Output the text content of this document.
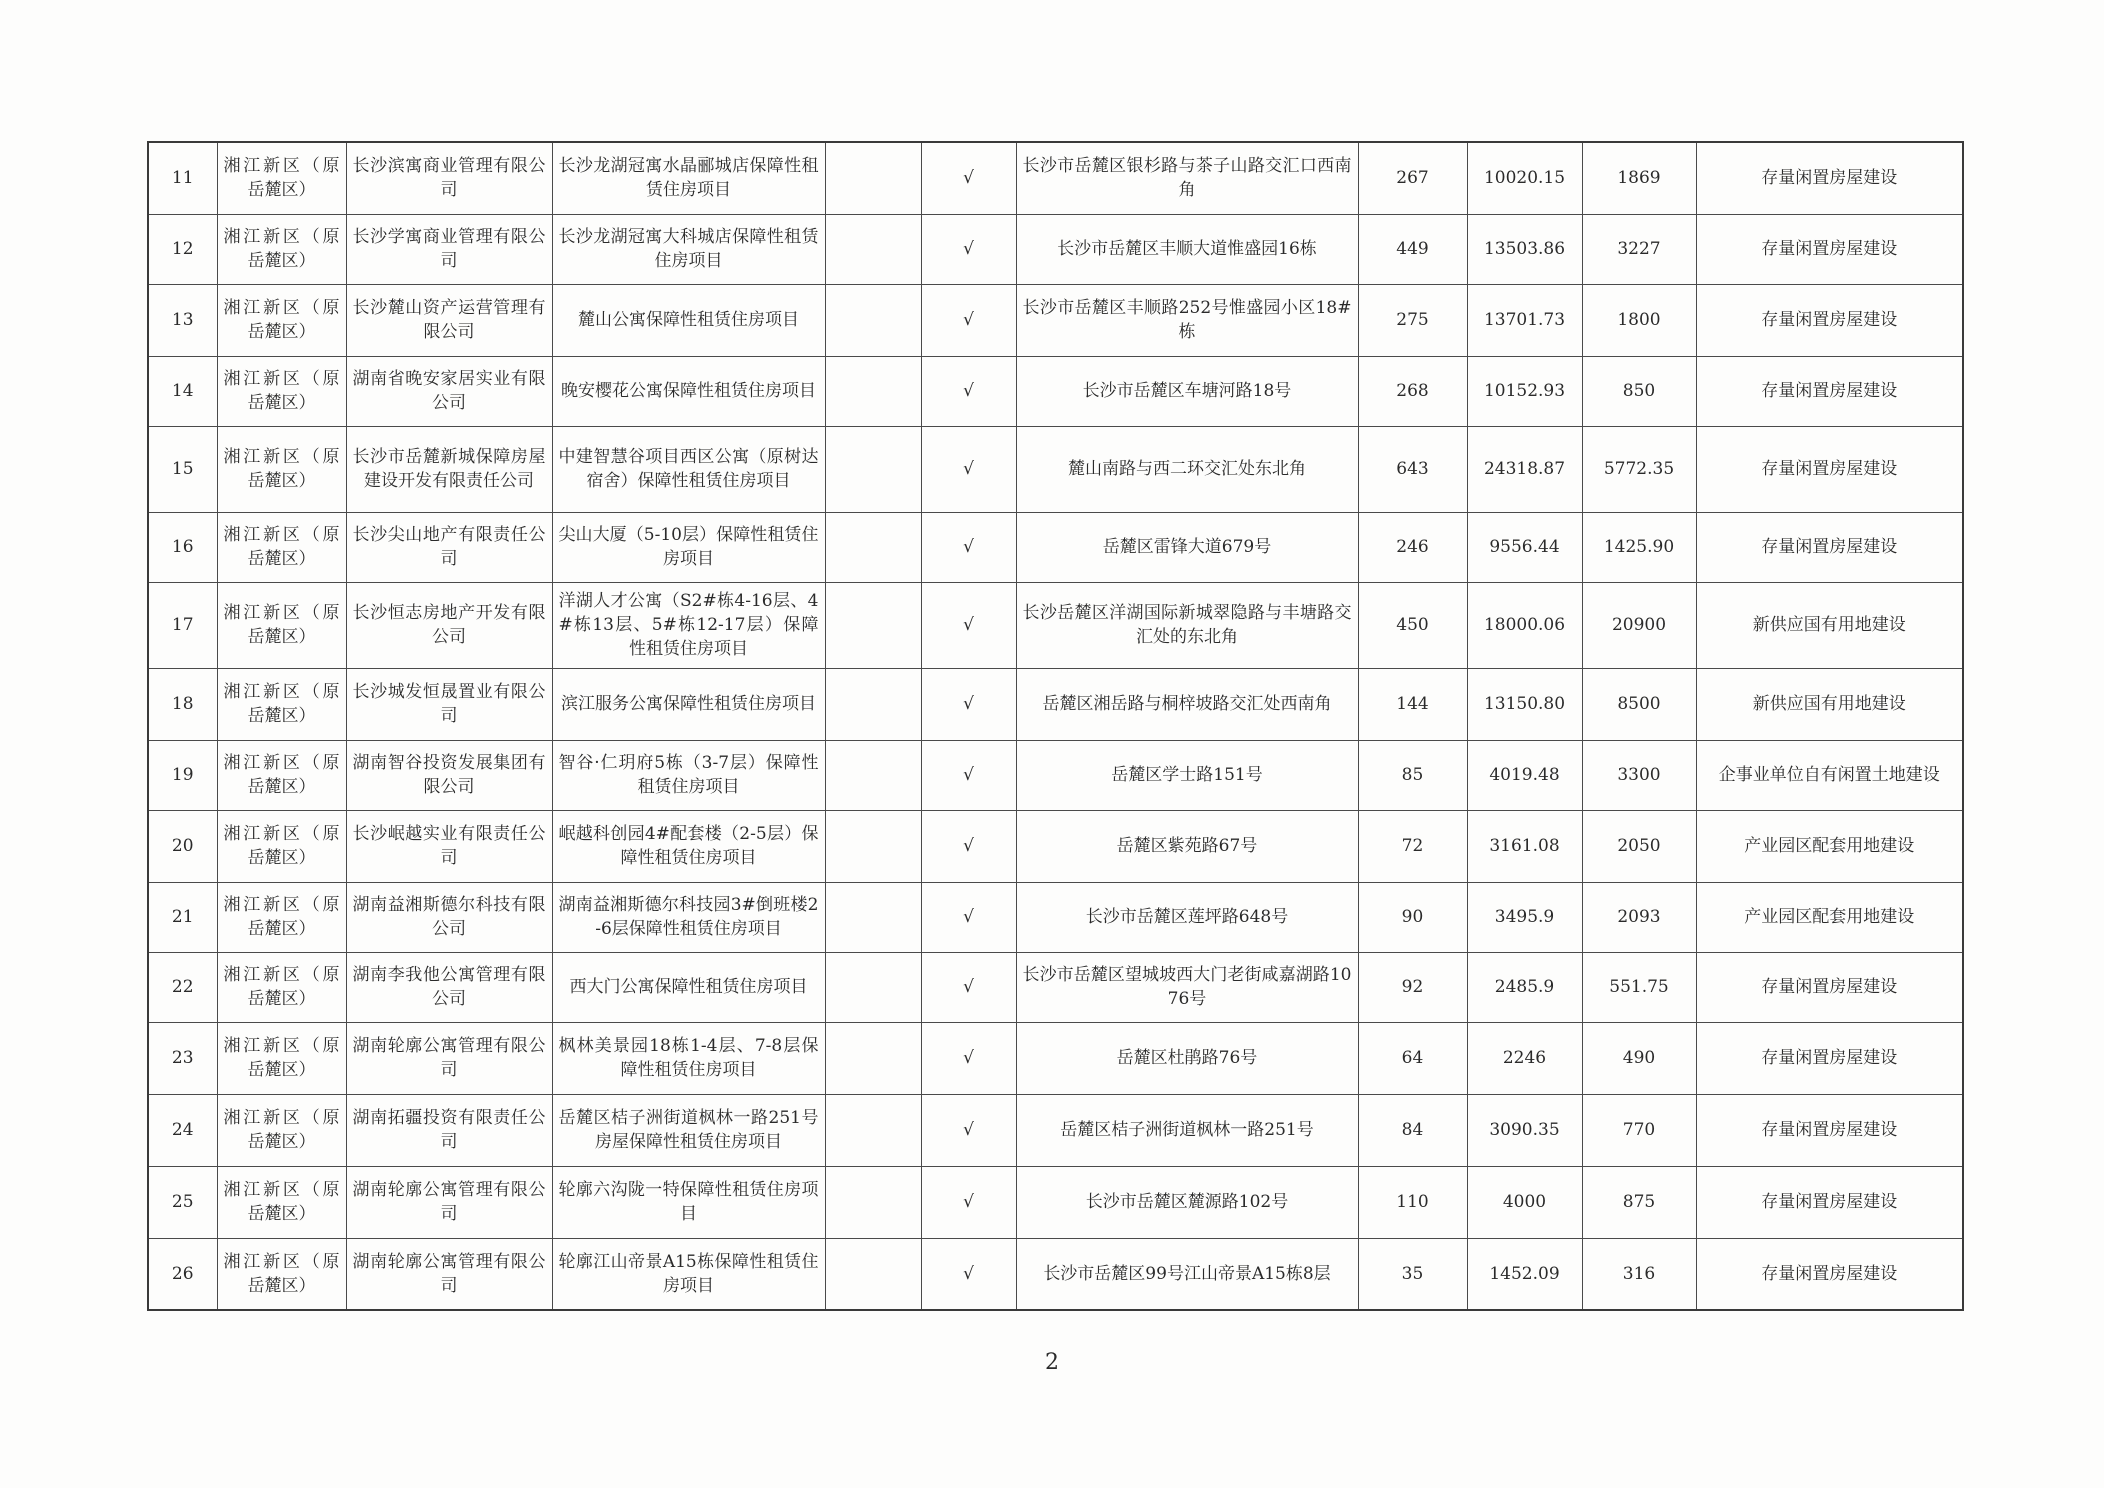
11	湘江新区（原岳麓区）	长沙滨寓商业管理有限公司	长沙龙湖冠寓水晶郦城店保障性租赁住房项目		√	长沙市岳麓区银杉路与茶子山路交汇口西南角	267	10020.15	1869	存量闲置房屋建设
12	湘江新区（原岳麓区）	长沙学寓商业管理有限公司	长沙龙湖冠寓大科城店保障性租赁住房项目		√	长沙市岳麓区丰顺大道惟盛园16栋	449	13503.86	3227	存量闲置房屋建设
13	湘江新区（原岳麓区）	长沙麓山资产运营管理有限公司	麓山公寓保障性租赁住房项目		√	长沙市岳麓区丰顺路252号惟盛园小区18#栋	275	13701.73	1800	存量闲置房屋建设
14	湘江新区（原岳麓区）	湖南省晚安家居实业有限公司	晚安樱花公寓保障性租赁住房项目		√	长沙市岳麓区车塘河路18号	268	10152.93	850	存量闲置房屋建设
15	湘江新区（原岳麓区）	长沙市岳麓新城保障房屋建设开发有限责任公司	中建智慧谷项目西区公寓（原树达宿舍）保障性租赁住房项目		√	麓山南路与西二环交汇处东北角	643	24318.87	5772.35	存量闲置房屋建设
16	湘江新区（原岳麓区）	长沙尖山地产有限责任公司	尖山大厦（5-10层）保障性租赁住房项目		√	岳麓区雷锋大道679号	246	9556.44	1425.90	存量闲置房屋建设
17	湘江新区（原岳麓区）	长沙恒志房地产开发有限公司	洋湖人才公寓（S2#栋4-16层、4#栋13层、5#栋12-17层）保障性租赁住房项目		√	长沙岳麓区洋湖国际新城翠隐路与丰塘路交汇处的东北角	450	18000.06	20900	新供应国有用地建设
18	湘江新区（原岳麓区）	长沙城发恒晟置业有限公司	滨江服务公寓保障性租赁住房项目		√	岳麓区湘岳路与桐梓坡路交汇处西南角	144	13150.80	8500	新供应国有用地建设
19	湘江新区（原岳麓区）	湖南智谷投资发展集团有限公司	智谷·仁玥府5栋（3-7层）保障性租赁住房项目		√	岳麓区学士路151号	85	4019.48	3300	企事业单位自有闲置土地建设
20	湘江新区（原岳麓区）	长沙岷越实业有限责任公司	岷越科创园4#配套楼（2-5层）保障性租赁住房项目		√	岳麓区紫苑路67号	72	3161.08	2050	产业园区配套用地建设
21	湘江新区（原岳麓区）	湖南益湘斯德尔科技有限公司	湖南益湘斯德尔科技园3#倒班楼2-6层保障性租赁住房项目		√	长沙市岳麓区莲坪路648号	90	3495.9	2093	产业园区配套用地建设
22	湘江新区（原岳麓区）	湖南李我他公寓管理有限公司	西大门公寓保障性租赁住房项目		√	长沙市岳麓区望城坡西大门老街咸嘉湖路1076号	92	2485.9	551.75	存量闲置房屋建设
23	湘江新区（原岳麓区）	湖南轮廓公寓管理有限公司	枫林美景园18栋1-4层、7-8层保障性租赁住房项目		√	岳麓区杜鹃路76号	64	2246	490	存量闲置房屋建设
24	湘江新区（原岳麓区）	湖南拓疆投资有限责任公司	岳麓区桔子洲街道枫林一路251号房屋保障性租赁住房项目		√	岳麓区桔子洲街道枫林一路251号	84	3090.35	770	存量闲置房屋建设
25	湘江新区（原岳麓区）	湖南轮廓公寓管理有限公司	轮廓六沟陇一特保障性租赁住房项目		√	长沙市岳麓区麓源路102号	110	4000	875	存量闲置房屋建设
26	湘江新区（原岳麓区）	湖南轮廓公寓管理有限公司	轮廓江山帝景A15栋保障性租赁住房项目		√	长沙市岳麓区99号江山帝景A15栋8层	35	1452.09	316	存量闲置房屋建设
2
